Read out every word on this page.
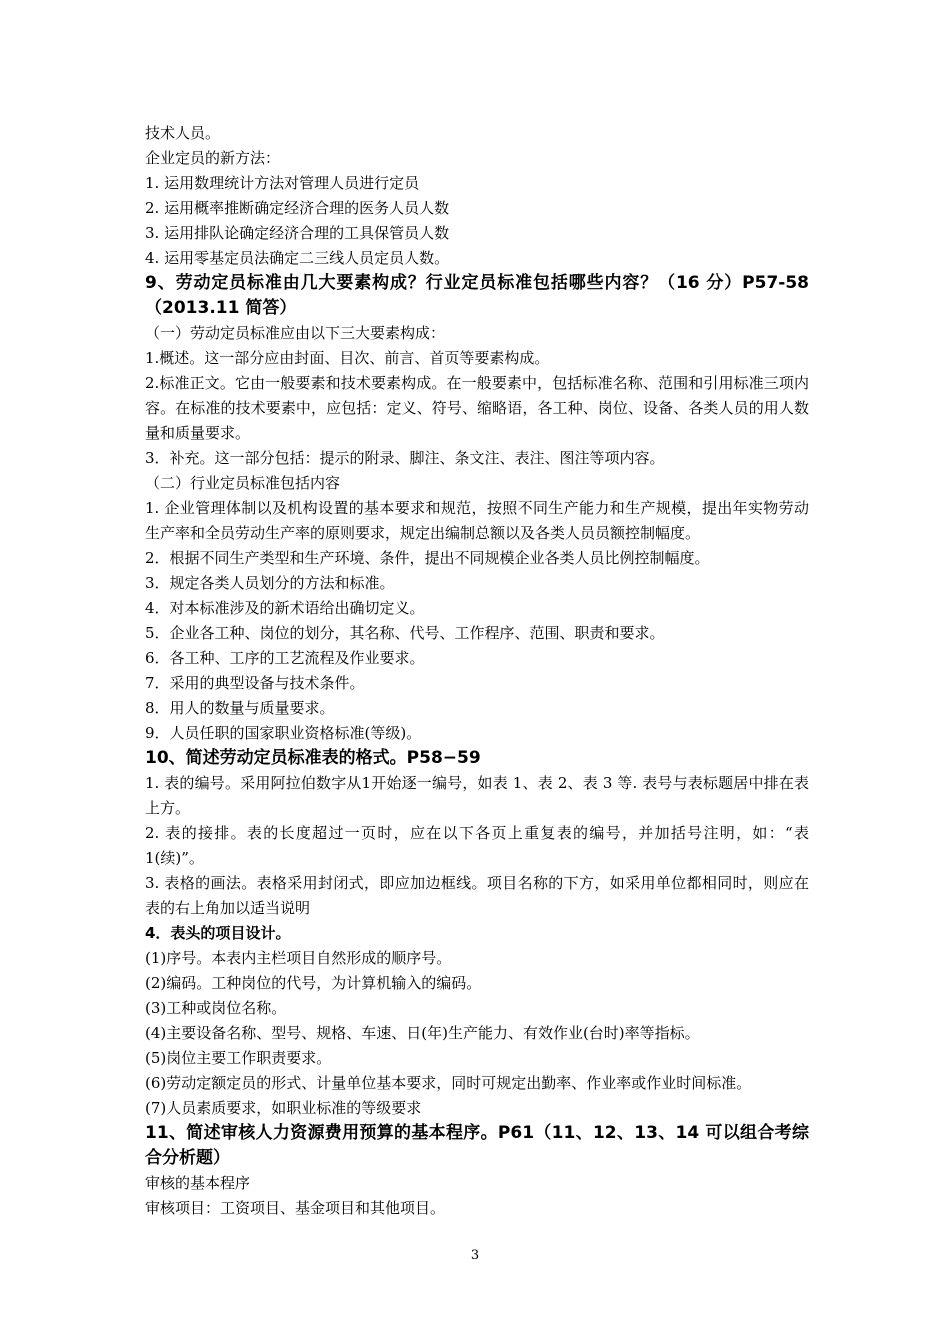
技术人员。
企业定员的新方法：
1. 运用数理统计方法对管理人员进行定员
2. 运用概率推断确定经济合理的医务人员人数
3. 运用排队论确定经济合理的工具保管员人数
4. 运用零基定员法确定二三线人员定员人数。
9、劳动定员标准由几大要素构成？行业定员标准包括哪些内容？（16 分）P57-58（2013.11 简答）
（一）劳动定员标准应由以下三大要素构成：
1.概述。这一部分应由封面、目次、前言、首页等要素构成。
2.标准正文。它由一般要素和技术要素构成。在一般要素中，包括标准名称、范围和引用标准三项内容。在标准的技术要素中，应包括：定义、符号、缩略语，各工种、岗位、设备、各类人员的用人数量和质量要求。
3．补充。这一部分包括：提示的附录、脚注、条文注、表注、图注等项内容。
（二）行业定员标准包括内容
1. 企业管理体制以及机构设置的基本要求和规范，按照不同生产能力和生产规模，提出年实物劳动生产率和全员劳动生产率的原则要求，规定出编制总额以及各类人员员额控制幅度。
2．根据不同生产类型和生产环境、条件，提出不同规模企业各类人员比例控制幅度。
3．规定各类人员划分的方法和标准。
4．对本标准涉及的新术语给出确切定义。
5．企业各工种、岗位的划分，其名称、代号、工作程序、范围、职责和要求。
6．各工种、工序的工艺流程及作业要求。
7．采用的典型设备与技术条件。
8．用人的数量与质量要求。
9．人员任职的国家职业资格标准(等级)。
10、简述劳动定员标准表的格式。P58−59
1. 表的编号。采用阿拉伯数字从1开始逐一编号，如表 1、表 2、表 3 等. 表号与表标题居中排在表上方。
2. 表的接排。表的长度超过一页时，应在以下各页上重复表的编号，并加括号注明，如：“表1(续)”。
3. 表格的画法。表格采用封闭式，即应加边框线。项目名称的下方，如采用单位都相同时，则应在表的右上角加以适当说明
4．表头的项目设计。
(1)序号。本表内主栏项目自然形成的顺序号。
(2)编码。工种岗位的代号，为计算机输入的编码。
(3)工种或岗位名称。
(4)主要设备名称、型号、规格、车速、日(年)生产能力、有效作业(台时)率等指标。
(5)岗位主要工作职责要求。
(6)劳动定额定员的形式、计量单位基本要求，同时可规定出勤率、作业率或作业时间标准。
(7)人员素质要求，如职业标准的等级要求
11、简述审核人力资源费用预算的基本程序。P61（11、12、13、14 可以组合考综合分析题）
审核的基本程序
审核项目：工资项目、基金项目和其他项目。
3
